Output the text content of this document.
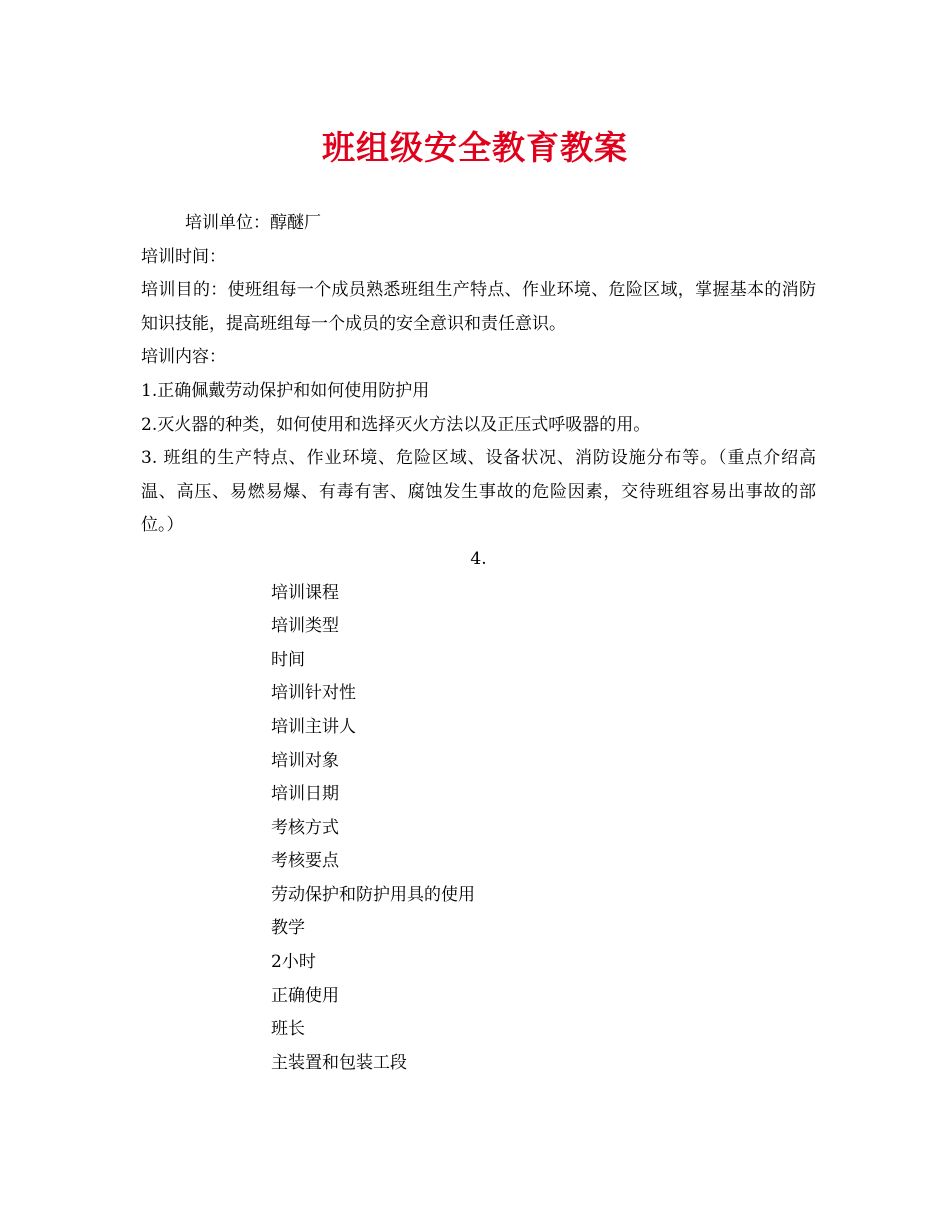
班组级安全教育教案
培训单位：醇醚厂
培训时间：
培训目的：使班组每一个成员熟悉班组生产特点、作业环境、危险区域，掌握基本的消防知识技能，提高班组每一个成员的安全意识和责任意识。
培训内容：
1.正确佩戴劳动保护和如何使用防护用
2.灭火器的种类，如何使用和选择灭火方法以及正压式呼吸器的用。
3. 班组的生产特点、作业环境、危险区域、设备状况、消防设施分布等。（重点介绍高温、高压、易燃易爆、有毒有害、腐蚀发生事故的危险因素，交待班组容易出事故的部位。）
4.
培训课程
培训类型
时间
培训针对性
培训主讲人
培训对象
培训日期
考核方式
考核要点
劳动保护和防护用具的使用
教学
2小时
正确使用
班长
主装置和包装工段
